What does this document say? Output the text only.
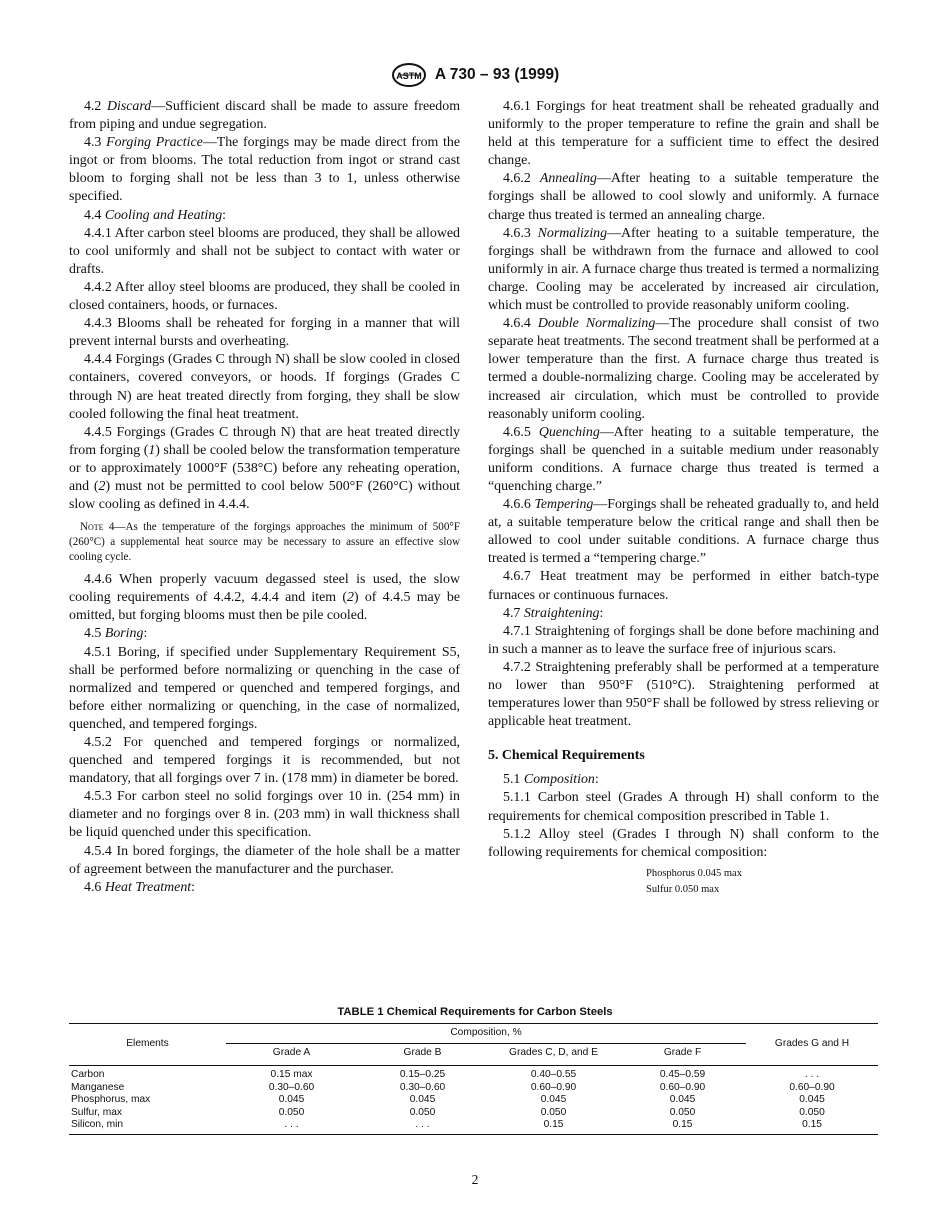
ASTM A 730 – 93 (1999)

4.2 Discard—Sufficient discard shall be made to assure freedom from piping and undue segregation.

4.3 Forging Practice—The forgings may be made direct from the ingot or from blooms. The total reduction from ingot or strand cast bloom to forging shall not be less than 3 to 1, unless otherwise specified.

4.4 Cooling and Heating:

4.4.1 After carbon steel blooms are produced, they shall be allowed to cool uniformly and shall not be subject to contact with water or drafts.

4.4.2 After alloy steel blooms are produced, they shall be cooled in closed containers, hoods, or furnaces.

4.4.3 Blooms shall be reheated for forging in a manner that will prevent internal bursts and overheating.

4.4.4 Forgings (Grades C through N) shall be slow cooled in closed containers, covered conveyors, or hoods. If forgings (Grades C through N) are heat treated directly from forging, they shall be slow cooled following the final heat treatment.

4.4.5 Forgings (Grades C through N) that are heat treated directly from forging (1) shall be cooled below the transformation temperature or to approximately 1000°F (538°C) before any reheating operation, and (2) must not be permitted to cool below 500°F (260°C) without slow cooling as defined in 4.4.4.

Note 4—As the temperature of the forgings approaches the minimum of 500°F (260°C) a supplemental heat source may be necessary to assure an effective slow cooling cycle.

4.4.6 When properly vacuum degassed steel is used, the slow cooling requirements of 4.4.2, 4.4.4 and item (2) of 4.4.5 may be omitted, but forging blooms must then be pile cooled.

4.5 Boring:

4.5.1 Boring, if specified under Supplementary Requirement S5, shall be performed before normalizing or quenching in the case of normalized and tempered or quenched and tempered forgings, and before either normalizing or quenching, in the case of normalized, quenched, and tempered forgings.

4.5.2 For quenched and tempered forgings or normalized, quenched and tempered forgings it is recommended, but not mandatory, that all forgings over 7 in. (178 mm) in diameter be bored.

4.5.3 For carbon steel no solid forgings over 10 in. (254 mm) in diameter and no forgings over 8 in. (203 mm) in wall thickness shall be liquid quenched under this specification.

4.5.4 In bored forgings, the diameter of the hole shall be a matter of agreement between the manufacturer and the purchaser.

4.6 Heat Treatment:

4.6.1 Forgings for heat treatment shall be reheated gradually and uniformly to the proper temperature to refine the grain and shall be held at this temperature for a sufficient time to effect the desired change.

4.6.2 Annealing—After heating to a suitable temperature the forgings shall be allowed to cool slowly and uniformly. A furnace charge thus treated is termed an annealing charge.

4.6.3 Normalizing—After heating to a suitable temperature, the forgings shall be withdrawn from the furnace and allowed to cool uniformly in air. A furnace charge thus treated is termed a normalizing charge. Cooling may be accelerated by increased air circulation, which must be controlled to provide reasonably uniform cooling.

4.6.4 Double Normalizing—The procedure shall consist of two separate heat treatments. The second treatment shall be performed at a lower temperature than the first. A furnace charge thus treated is termed a double-normalizing charge. Cooling may be accelerated by increased air circulation, which must be controlled to provide reasonably uniform cooling.

4.6.5 Quenching—After heating to a suitable temperature, the forgings shall be quenched in a suitable medium under reasonably uniform conditions. A furnace charge thus treated is termed a “quenching charge.”

4.6.6 Tempering—Forgings shall be reheated gradually to, and held at, a suitable temperature below the critical range and shall then be allowed to cool under suitable conditions. A furnace charge thus treated is termed a “tempering charge.”

4.6.7 Heat treatment may be performed in either batch-type furnaces or continuous furnaces.

4.7 Straightening:

4.7.1 Straightening of forgings shall be done before machining and in such a manner as to leave the surface free of injurious scars.

4.7.2 Straightening preferably shall be performed at a temperature no lower than 950°F (510°C). Straightening performed at temperatures lower than 950°F shall be followed by stress relieving or applicable heat treatment.

5. Chemical Requirements

5.1 Composition:

5.1.1 Carbon steel (Grades A through H) shall conform to the requirements for chemical composition prescribed in Table 1.

5.1.2 Alloy steel (Grades I through N) shall conform to the following requirements for chemical composition:

Phosphorus 0.045 max
Sulfur 0.050 max
TABLE 1 Chemical Requirements for Carbon Steels
Elements	Composition, %				Grades G and H
	Grade A	Grade B	Grades C, D, and E	Grade F	
Carbon	0.15 max	0.15–0.25	0.40–0.55	0.45–0.59	. . .
Manganese	0.30–0.60	0.30–0.60	0.60–0.90	0.60–0.90	0.60–0.90
Phosphorus, max	0.045	0.045	0.045	0.045	0.045
Sulfur, max	0.050	0.050	0.050	0.050	0.050
Silicon, min	. . .	. . .	0.15	0.15	0.15
2
